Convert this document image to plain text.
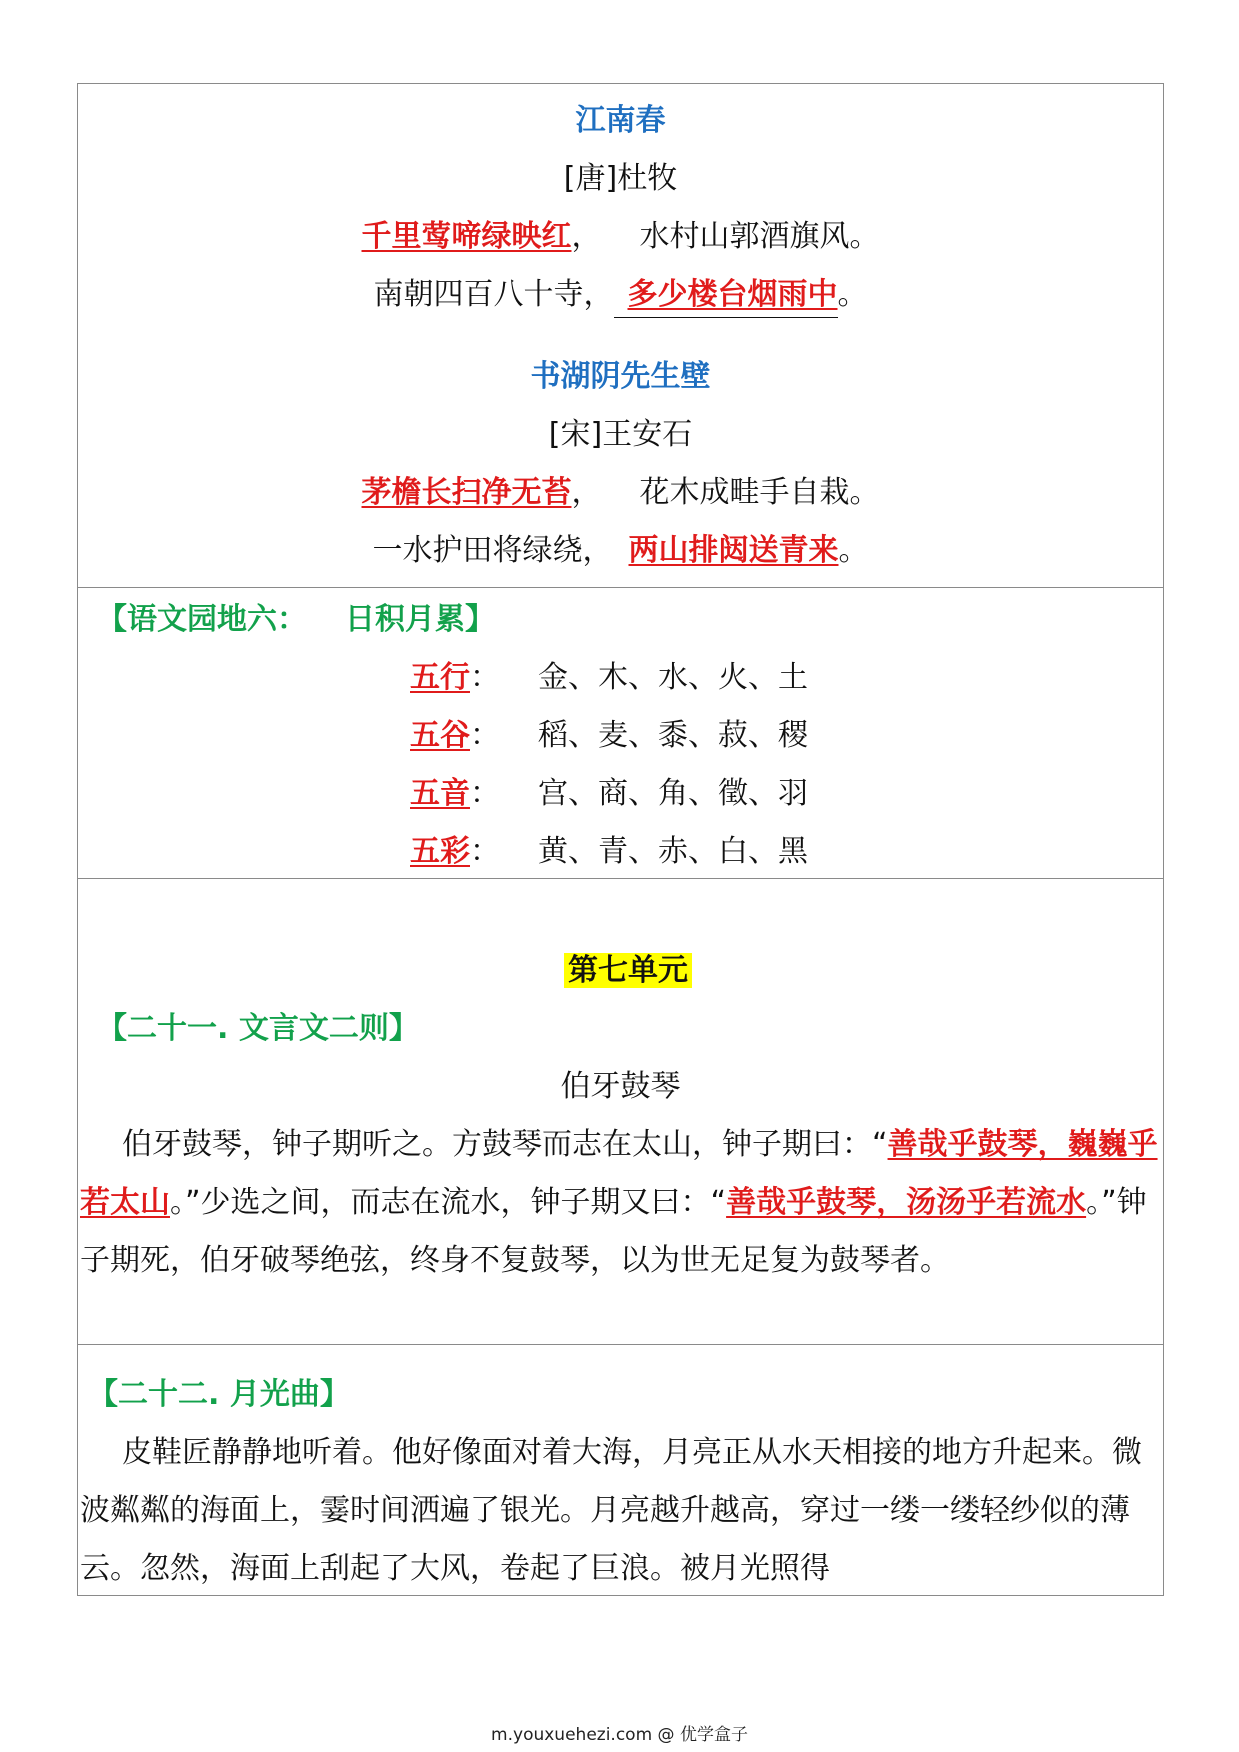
江南春
[唐]杜牧
千里莺啼绿映红， 水村山郭酒旗风。
南朝四百八十寺， 多少楼台烟雨中。
书湖阴先生壁
[宋]王安石
茅檐长扫净无苔， 花木成畦手自栽。
一水护田将绿绕， 两山排闼送青来。
【语文园地六： 日积月累】
五行： 金、木、水、火、土
五谷： 稻、麦、黍、菽、稷
五音： 宫、商、角、徵、羽
五彩： 黄、青、赤、白、黑
第七单元
【二十一. 文言文二则】
伯牙鼓琴
伯牙鼓琴，钟子期听之。方鼓琴而志在太山，钟子期曰：“善哉乎鼓琴，巍巍乎若太山。”少选之间，而志在流水，钟子期又曰：“善哉乎鼓琴，汤汤乎若流水。”钟子期死，伯牙破琴绝弦，终身不复鼓琴，以为世无足复为鼓琴者。
【二十二. 月光曲】
皮鞋匠静静地听着。他好像面对着大海，月亮正从水天相接的地方升起来。微波粼粼的海面上，霎时间洒遍了银光。月亮越升越高，穿过一缕一缕轻纱似的薄云。忽然，海面上刮起了大风，卷起了巨浪。被月光照得
m.youxuehezi.com @ 优学盒子
